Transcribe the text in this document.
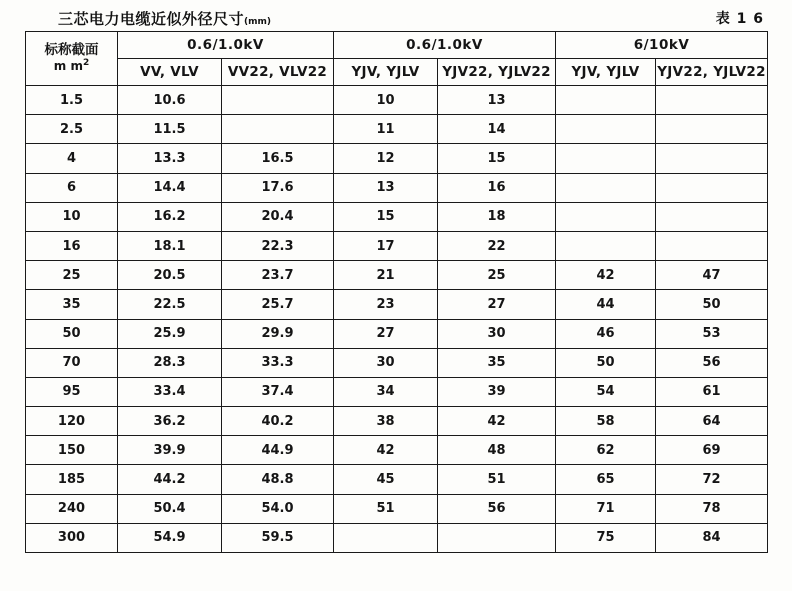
三芯电力电缆近似外径尺寸(mm)	表 1 6
标称截面
m $m^2$	0.6/1.0kV		0.6/1.0kV		6/10kV	
	VV, VLV	VV22, VLV22	YJV, YJLV	YJV22, YJLV22	YJV, YJLV	YJV22, YJLV22
1.5	10.6		10	13		
2.5	11.5		11	14		
4	13.3	16.5	12	15		
6	14.4	17.6	13	16		
10	16.2	20.4	15	18		
16	18.1	22.3	17	22		
25	20.5	23.7	21	25	42	47
35	22.5	25.7	23	27	44	50
50	25.9	29.9	27	30	46	53
70	28.3	33.3	30	35	50	56
95	33.4	37.4	34	39	54	61
120	36.2	40.2	38	42	58	64
150	39.9	44.9	42	48	62	69
185	44.2	48.8	45	51	65	72
240	50.4	54.0	51	56	71	78
300	54.9	59.5			75	84
